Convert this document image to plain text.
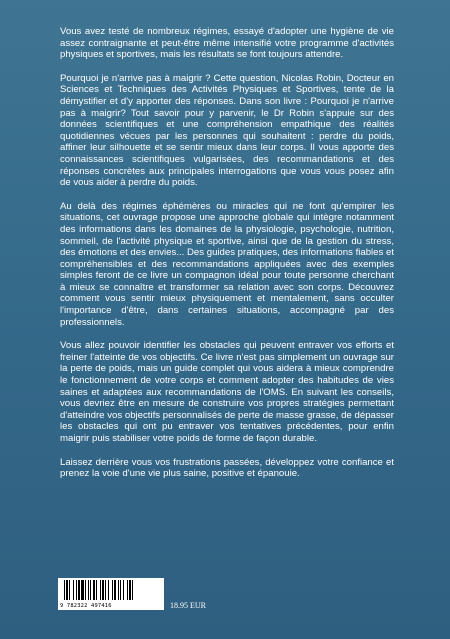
Vous avez testé de nombreux régimes, essayé d'adopter une hygiène de vie assez contraignante et peut-être même intensifié votre programme d'activités physiques et sportives, mais les résultats se font toujours attendre.

Pourquoi je n'arrive pas à maigrir ? Cette question, Nicolas Robin, Docteur en Sciences et Techniques des Activités Physiques et Sportives, tente de la démystifier et d'y apporter des réponses. Dans son livre : Pourquoi je n'arrive pas à maigrir? Tout savoir pour y parvenir, le Dr Robin s'appuie sur des données scientifiques et une compréhension empathique des réalités quotidiennes vécues par les personnes qui souhaitent : perdre du poids, affiner leur silhouette et se sentir mieux dans leur corps. Il vous apporte des connaissances scientifiques vulgarisées, des recommandations et des réponses concrètes aux principales interrogations que vous vous posez afin de vous aider à perdre du poids.

Au delà des régimes éphémères ou miracles qui ne font qu'empirer les situations, cet ouvrage propose une approche globale qui intègre notamment des informations dans les domaines de la physiologie, psychologie, nutrition, sommeil, de l'activité physique et sportive, ainsi que de la gestion du stress, des émotions et des envies... Des guides pratiques, des informations fiables et compréhensibles et des recommandations appliquées avec des exemples simples feront de ce livre un compagnon idéal pour toute personne cherchant à mieux se connaître et transformer sa relation avec son corps. Découvrez comment vous sentir mieux physiquement et mentalement, sans occulter l'importance d'être, dans certaines situations, accompagné par des professionnels.

Vous allez pouvoir identifier les obstacles qui peuvent entraver vos efforts et freiner l'atteinte de vos objectifs. Ce livre n'est pas simplement un ouvrage sur la perte de poids, mais un guide complet qui vous aidera à mieux comprendre le fonctionnement de votre corps et comment adopter des habitudes de vies saines et adaptées aux recommandations de l'OMS. En suivant les conseils, vous devriez être en mesure de construire vos propres stratégies permettant d'atteindre vos objectifs personnalisés de perte de masse grasse, de dépasser les obstacles qui ont pu entraver vos tentatives précédentes, pour enfin maigrir puis stabiliser votre poids de forme de façon durable.

Laissez derrière vous vos frustrations passées, développez votre confiance et prenez la voie d'une vie plus saine, positive et épanouie.

9 782322 497416	18.95 EUR
